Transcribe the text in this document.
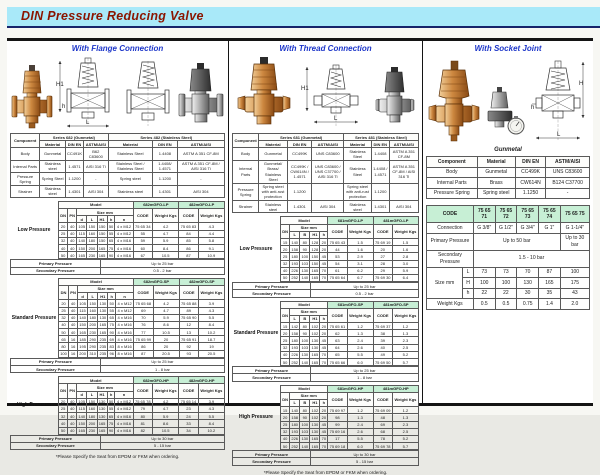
DIN Pressure Reducing Valve
With Flange Connection
H1
h
L
Component	Series 682 (Gunmetal)			Series 482 (Stainless Steel)		
	Material	DIN EN	ASTM/AISI	Material	DIN EN	ASTM/AISI
Body	Gunmetal	CC491K	B62 C83600	Stainless Steel	1.4408	ASTM A 351 CF-8M
Internal Parts	Stainless steel	1.4571	AISI 316 Ti	Stainless Steel / Stainless Steel	1.4408/ 1.4571	ASTM A 351 CF-8M / AISI 316 Ti
Pressure Spring	Spring Steel	1.1200	-	Spring steel	1.1200	-
Strainer	Stainless steel	1.4301	AISI 304	Stainless steel	1.4301	AISI 304
Low Pressure
Model							682mGFO-LP		482mGFO-LP	
DN	PN	Size mm					CODE	Weight Kgs	CODE	Weight Kgs
		d	L	H1	h	n				
20	40	105	150	150	50	4 x M12	75 65 34	4.2	75 65 83	4.3
25	40	115	160	150	55	4 x M12	55	4.7	84	4.4
32	40	140	180	150	65	4 x M16	59	5.9	85	5.8
40	40	150	200	165	75	4 x M16	60	8.4	86	9.1
50	40	165	230	165	90	4 x M16	67	10.5	87	10.9
Primary Pressure	Up to 25 bar
Secondary Pressure	0.5 - 2 bar
Standard Pressure
Model							682mGFO-SP		482mGFO-SP	
DN	PN	Size mm					CODE	Weight Kgs	CODE	Weight Kgs
		d	L	H1	h	n				
20	40	105	150	130	50	4 x M12	75 65 68	4.2	75 65 88	3.9
25	40	115	160	130	55	4 x M12	69	4.7	89	4.3
32	40	140	180	130	65	4 x M16	70	5.9	75 65 90	5.5
40	40	150	200	165	75	4 x M16	76	8.6	12	8.4
50	40	165	230	165	90	4 x M16	77	10.5	13	10.2
65	16	185	290	235	69	4 x M16	75 65 99	20	75 65 91	18.7
80	16	195	290	235	83	8 x M16	86	20	92	19
100	16	200	310	235	96	8 x M16	87	20.5	93	20.5
Primary Pressure	Up to 25 bar
Secondary Pressure	1 - 8 bar
High Pressure
Model							682mGFO-HP		482mGFO-HP	
DN	PN	Size mm					CODE	Weight Kgs	CODE	Weight Kgs
		d	L	H1	h	n				
20	40	105	150	130	50	4 x M12	75 65 78	4.2	75 65 14	3.9
25	40	115	160	130	55	4 x M12	79	4.7	23	4.3
32	40	140	180	130	65	4 x M16	80	5.9	24	5.5
40	40	150	200	165	75	4 x M16	81	8.6	33	8.4
50	40	165	230	165	90	4 x M16	82	10.5	34	10.2
Primary Pressure	Up to 30 bar
Secondary Pressure	5 - 15 bar
*Please Specify the Seat from EPDM or FKM when ordering.
With Thread Connection
H1
L
Component	Series 681 (Gunmetal)			Series 481 (Stainless Steel)		
	Material	DIN EN	ASTM/AISI	Material	DIN EN	ASTM/AISI
Body	Gunmetal	CC499K	UNS C83600	Stainless Steel	1.4408	ASTM A 351 CF-8M
Internal Parts	Gunmetal/ Brass/ Stainless Steel	CC499K / CW614N / 1.4571	UNS C83600 / UNS C37700 / AISI 316 Ti	Stainless Steel	1.4408 / 1.4571	ASTM A 351 CF-8M / AISI 316 Ti
Pressure Spring	Spring steel with anti-rust protection	1.1200		Spring steel with anti-rust protection	1.1200	
Strainer	Stainless steel	1.4301	AISI 304	Stainless steel	1.4301	AISI 304
Low Pressure
Model					681mGFO-LP		481mGFO-LP	
DN	Size mm				CODE	Weight Kgs	CODE	Weight Kgs
	L	B	H1	h				
15	140	80	128	20	75 65 43	1.5	75 69 19	1.5
20	158	90	128	20	44	1.6	20	1.6
25	180	100	150	45	53	2.9	27	2.8
32	193	103	150	45	54	3.1	28	3.0
40	226	130	165	70	61	6.2	29	5.9
50	252	140	165	70	75 65 64	6.7	75 69 30	6.4
Primary Pressure	Up to 25 bar
Secondary Pressure	0.5 - 2 bar
Standard Pressure
Model					681mGFO-SP		481mGFO-SP	
DN	Size mm				CODE	Weight Kgs	CODE	Weight Kgs
	L	B	H1	h				
15	142	80	102	20	75 65 61	1.2	75 69 37	1.2
20	158	90	102	20	62	1.3	38	1.3
25	180	100	130	45	63	2.4	39	2.3
32	193	103	130	45	64	2.6	40	2.5
40	226	130	165	70	65	5.5	49	5.2
50	252	140	165	70	75 65 66	6.0	75 69 50	5.7
Primary Pressure	Up to 25 bar
Secondary Pressure	1 - 8 bar
High Pressure
Model					681mGFO-HP		481mGFO-HP	
DN	Size mm				CODE	Weight Kgs	CODE	Weight Kgs
	L	B	H1	h				
15	140	80	102	20	75 69 97	1.2	75 69 09	1.2
20	158	90	102	20	98	1.3	48	1.3
25	180	100	130	45	99	2.4	69	2.3
32	193	103	130	45	75 69 16	2.6	68	2.5
40	226	130	165	70	17	5.5	78	5.2
50	252	140	165	70	75 69 18	6.0	75 69 78	5.7
Primary Pressure	Up to 30 bar
Secondary Pressure	5 - 15 bar
*Please Specify the Seat from EPDM or FKM when ordering.
With Socket Joint
H
h
L
Gunmetal
Component	Material	DIN EN	ASTM/AISI
Body	Gunmetal	CC499K	UNS C83600
Internal Parts	Brass	CW614N	B124 C37700
Pressure Spring	Spring steel	1.1250	-
CODE		75 65 71	75 65 72	75 65 73	75 65 74	75 65 75
Connection		G 3/8"	G 1/2"	G 3/4"	G 1"	G 1-1/4"
Primary Pressure		Up to 50 bar				Up to 30 bar
Secondary Pressure		1.5 - 10 bar				
Size mm	L	73	73	70	87	100
	H	100	100	130	165	175
	h	22	22	30	35	43
Weight Kgs		0.5	0.5	0.75	1.4	2.0
